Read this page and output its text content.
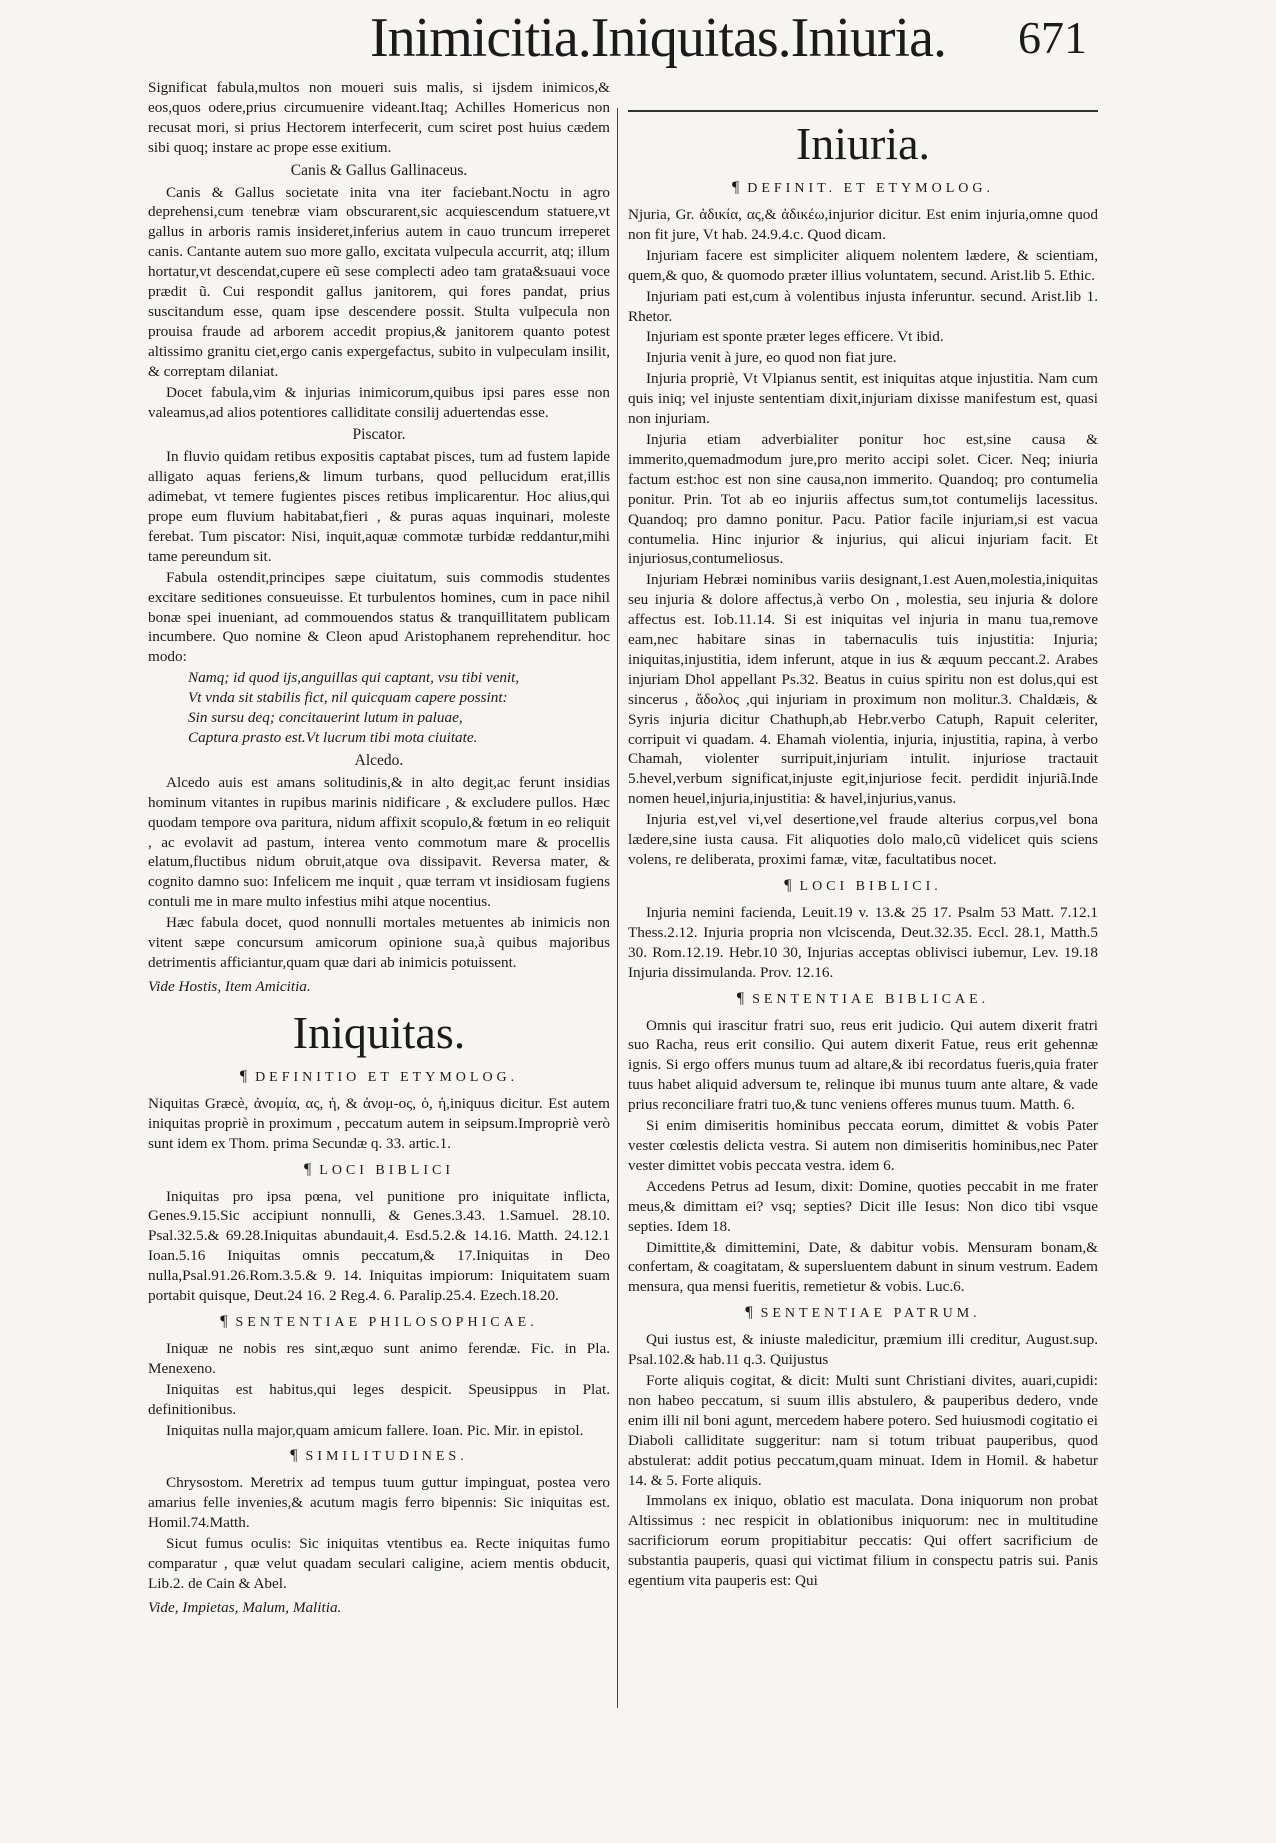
Inimicitia.Iniquitas.Iniuria. 671

Significat fabula,multos non moueri suis malis, si ijsdem inimicos,& eos,quos odere,prius circumuenire videant.Itaq; Achilles Homericus non recusat mori, si prius Hectorem interfecerit, cum sciret post huius cædem sibi quoq; instare ac prope esse exitium.

Canis & Gallus Gallinaceus.

Canis & Gallus societate inita vna iter faciebant.Noctu in agro deprehensi,cum tenebræ viam obscurarent,sic acquiescendum statuere,vt gallus in arboris ramis insideret,inferius autem in cauo truncum irreperet canis. Cantante autem suo more gallo, excitata vulpecula accurrit, atq; illum hortatur,vt descendat,cupere eũ sese complecti adeo tam grata&suaui voce prædit ũ. Cui respondit gallus janitorem, qui fores pandat, prius suscitandum esse, quam ipse descendere possit. Stulta vulpecula non prouisa fraude ad arborem accedit propius,& janitorem quanto potest altissimo granitu ciet,ergo canis expergefactus, subito in vulpeculam insilit, & correptam dilaniat.

Docet fabula,vim & injurias inimicorum,quibus ipsi pares esse non valeamus,ad alios potentiores calliditate consilij aduertendas esse.

Piscator.

In fluvio quidam retibus expositis captabat pisces, tum ad fustem lapide alligato aquas feriens,& limum turbans, quod pellucidum erat,illis adimebat, vt temere fugientes pisces retibus implicarentur. Hoc alius,qui prope eum fluvium habitabat,fieri , & puras aquas inquinari, moleste ferebat. Tum piscator: Nisi, inquit,aquæ commotæ turbidæ reddantur,mihi tame pereundum sit.

Fabula ostendit,principes sæpe ciuitatum, suis commodis studentes excitare seditiones consueuisse. Et turbulentos homines, cum in pace nihil bonæ spei inueniant, ad commouendos status & tranquillitatem publicam incumbere. Quo nomine & Cleon apud Aristophanem reprehenditur. hoc modo:

Namq; id quod ijs,anguillas qui captant, vsu tibi venit,

Vt vnda sit stabilis fict, nil quicquam capere possint:

Sin sursu deq; concitauerint lutum in paluae,

Captura prasto est.Vt lucrum tibi mota ciuitate.

Alcedo.

Alcedo auis est amans solitudinis,& in alto degit,ac ferunt insidias hominum vitantes in rupibus marinis nidificare , & excludere pullos. Hæc quodam tempore ova paritura, nidum affixit scopulo,& fœtum in eo reliquit , ac evolavit ad pastum, interea vento commotum mare & procellis elatum,fluctibus nidum obruit,atque ova dissipavit. Reversa mater, & cognito damno suo: Infelicem me inquit , quæ terram vt insidiosam fugiens contuli me in mare multo infestius mihi atque nocentius.

Hæc fabula docet, quod nonnulli mortales metuentes ab inimicis non vitent sæpe concursum amicorum opinione sua,à quibus majoribus detrimentis afficiantur,quam quæ dari ab inimicis potuissent.

Vide Hostis, Item Amicitia.

Iniquitas.
¶ DEFINITIO ET ETYMOLOG.

Niquitas Græcè, ἀνομία, ας, ἡ, & ἀνομ-ος, ὁ, ἡ,iniquus dicitur. Est autem iniquitas propriè in proximum , peccatum autem in seipsum.Impropriè verò sunt idem ex Thom. prima Secundæ q. 33. artic.1.

¶ LOCI BIBLICI

Iniquitas pro ipsa pœna, vel punitione pro iniquitate inflicta, Genes.9.15.Sic accipiunt nonnulli, & Genes.3.43. 1.Samuel. 28.10. Psal.32.5.& 69.28.Iniquitas abundauit,4. Esd.5.2.& 14.16. Matth. 24.12.1 Ioan.5.16 Iniquitas omnis peccatum,& 17.Iniquitas in Deo nulla,Psal.91.26.Rom.3.5.& 9. 14. Iniquitas impiorum: Iniquitatem suam portabit quisque, Deut.24 16. 2 Reg.4. 6. Paralip.25.4. Ezech.18.20.

¶ SENTENTIAE PHILOSOPHICAE.

Iniquæ ne nobis res sint,æquo sunt animo ferendæ. Fic. in Pla. Menexeno.

Iniquitas est habitus,qui leges despicit. Speusippus in Plat. definitionibus.

Iniquitas nulla major,quam amicum fallere. Ioan. Pic. Mir. in epistol.

¶ SIMILITUDINES.

Chrysostom. Meretrix ad tempus tuum guttur impinguat, postea vero amarius felle invenies,& acutum magis ferro bipennis: Sic iniquitas est. Homil.74.Matth.

Sicut fumus oculis: Sic iniquitas vtentibus ea. Recte iniquitas fumo comparatur , quæ velut quadam seculari caligine, aciem mentis obducit, Lib.2. de Cain & Abel.

Vide, Impietas, Malum, Malitia.

Iniuria.
¶ DEFINIT. ET ETYMOLOG.

Njuria, Gr. ἀδικία, ας,& ἀδικέω,injurior dicitur. Est enim injuria,omne quod non fit jure, Vt hab. 24.9.4.c. Quod dicam.

Injuriam facere est simpliciter aliquem nolentem lædere, & scientiam, quem,& quo, & quomodo præter illius voluntatem, secund. Arist.lib 5. Ethic.

Injuriam pati est,cum à volentibus injusta inferuntur. secund. Arist.lib 1. Rhetor.

Injuriam est sponte præter leges efficere. Vt ibid.

Injuria venit à jure, eo quod non fiat jure.

Injuria propriè, Vt Vlpianus sentit, est iniquitas atque injustitia. Nam cum quis iniq; vel injuste sententiam dixit,injuriam dixisse manifestum est, quasi non injuriam.

Injuria etiam adverbialiter ponitur hoc est,sine causa & immerito,quemadmodum jure,pro merito accipi solet. Cicer. Neq; iniuria factum est:hoc est non sine causa,non immerito. Quandoq; pro contumelia ponitur. Prin. Tot ab eo injuriis affectus sum,tot contumelijs lacessitus. Quandoq; pro damno ponitur. Pacu. Patior facile injuriam,si est vacua contumelia. Hinc injurior & injurius, qui alicui injuriam facit. Et injuriosus,contumeliosus.

Injuriam Hebræi nominibus variis designant,1.est Auen,molestia,iniquitas seu injuria & dolore affectus,à verbo On , molestia, seu injuria & dolore affectus est. Iob.11.14. Si est iniquitas vel injuria in manu tua,remove eam,nec habitare sinas in tabernaculis tuis injustitia: Injuria; iniquitas,injustitia, idem inferunt, atque in ius & æquum peccant.2. Arabes injuriam Dhol appellant Ps.32. Beatus in cuius spiritu non est dolus,qui est sincerus , ἄδολος ,qui injuriam in proximum non molitur.3. Chaldæis, & Syris injuria dicitur Chathuph,ab Hebr.verbo Catuph, Rapuit celeriter, corripuit vi quadam. 4. Ehamah violentia, injuria, injustitia, rapina, à verbo Chamah, violenter surripuit,injuriam intulit. injuriose tractauit 5.hevel,verbum significat,injuste egit,injuriose fecit. perdidit injuriã.Inde nomen heuel,injuria,injustitia: & havel,injurius,vanus.

Injuria est,vel vi,vel desertione,vel fraude alterius corpus,vel bona lædere,sine iusta causa. Fit aliquoties dolo malo,cũ videlicet quis sciens volens, re deliberata, proximi famæ, vitæ, facultatibus nocet.

¶ LOCI BIBLICI.

Injuria nemini facienda, Leuit.19 v. 13.& 25 17. Psalm 53 Matt. 7.12.1 Thess.2.12. Injuria propria non vlciscenda, Deut.32.35. Eccl. 28.1, Matth.5 30. Rom.12.19. Hebr.10 30, Injurias acceptas oblivisci iubemur, Lev. 19.18 Injuria dissimulanda. Prov. 12.16.

¶ SENTENTIAE BIBLICAE.

Omnis qui irascitur fratri suo, reus erit judicio. Qui autem dixerit fratri suo Racha, reus erit consilio. Qui autem dixerit Fatue, reus erit gehennæ ignis. Si ergo offers munus tuum ad altare,& ibi recordatus fueris,quia frater tuus habet aliquid adversum te, relinque ibi munus tuum ante altare, & vade prius reconciliare fratri tuo,& tunc veniens offeres munus tuum. Matth. 6.

Si enim dimiseritis hominibus peccata eorum, dimittet & vobis Pater vester cœlestis delicta vestra. Si autem non dimiseritis hominibus,nec Pater vester dimittet vobis peccata vestra. idem 6.

Accedens Petrus ad Iesum, dixit: Domine, quoties peccabit in me frater meus,& dimittam ei? vsq; septies? Dicit ille Iesus: Non dico tibi vsque septies. Idem 18.

Dimittite,& dimittemini, Date, & dabitur vobis. Mensuram bonam,& confertam, & coagitatam, & supersluentem dabunt in sinum vestrum. Eadem mensura, qua mensi fueritis, remetietur & vobis. Luc.6.

¶ SENTENTIAE PATRUM.

Qui iustus est, & iniuste maledicitur, præmium illi creditur, August.sup. Psal.102.& hab.11 q.3. Quijustus

Forte aliquis cogitat, & dicit: Multi sunt Christiani divites, auari,cupidi: non habeo peccatum, si suum illis abstulero, & pauperibus dedero, vnde enim illi nil boni agunt, mercedem habere potero. Sed huiusmodi cogitatio ei Diaboli calliditate suggeritur: nam si totum tribuat pauperibus, quod abstulerat: addit potius peccatum,quam minuat. Idem in Homil. & habetur 14. & 5. Forte aliquis.

Immolans ex iniquo, oblatio est maculata. Dona iniquorum non probat Altissimus : nec respicit in oblationibus iniquorum: nec in multitudine sacrificiorum eorum propitiabitur peccatis: Qui offert sacrificium de substantia pauperis, quasi qui victimat filium in conspectu patris sui. Panis egentium vita pauperis est: Qui
